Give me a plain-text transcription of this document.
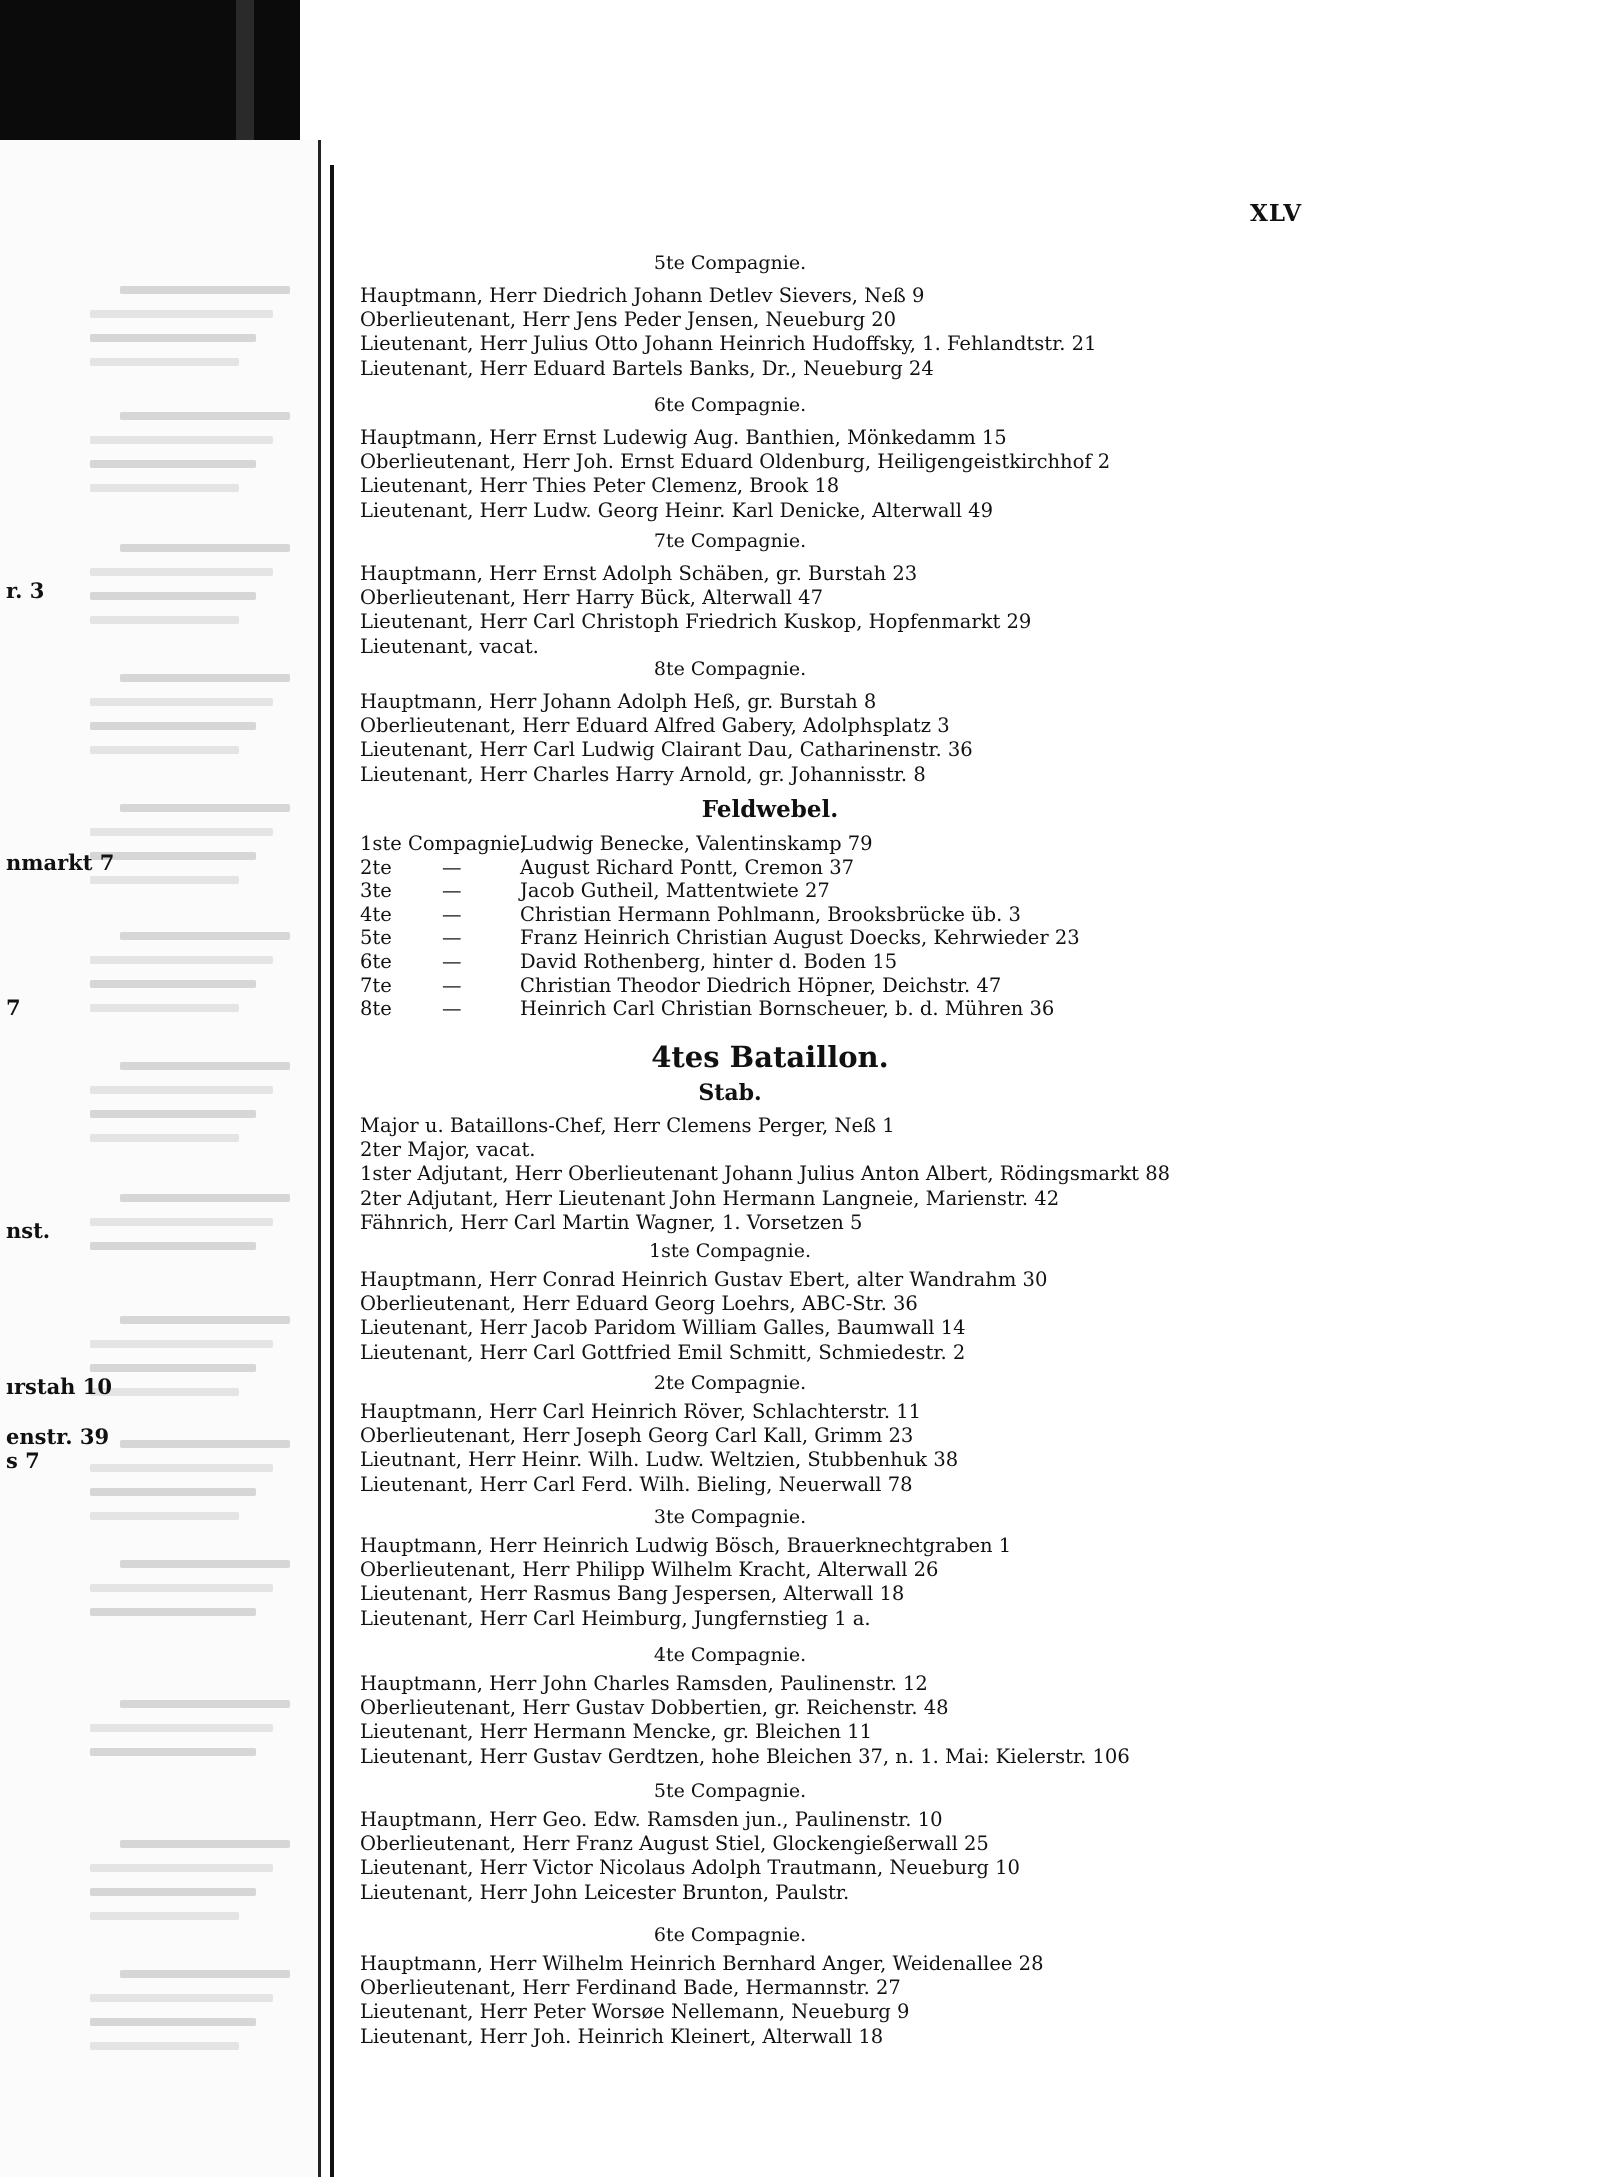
r. 3
nmarkt 7
7
nst.
ırstah 10
enstr. 39
s 7
XLV
Feldwebel.
4tes Bataillon.
Stab.
5te Compagnie.
Hauptmann, Herr Diedrich Johann Detlev Sievers, Neß 9
Oberlieutenant, Herr Jens Peder Jensen, Neueburg 20
Lieutenant, Herr Julius Otto Johann Heinrich Hudoffsky, 1. Fehlandtstr. 21
Lieutenant, Herr Eduard Bartels Banks, Dr., Neueburg 24
6te Compagnie.
Hauptmann, Herr Ernst Ludewig Aug. Banthien, Mönkedamm 15
Oberlieutenant, Herr Joh. Ernst Eduard Oldenburg, Heiligengeistkirchhof 2
Lieutenant, Herr Thies Peter Clemenz, Brook 18
Lieutenant, Herr Ludw. Georg Heinr. Karl Denicke, Alterwall 49
7te Compagnie.
Hauptmann, Herr Ernst Adolph Schäben, gr. Burstah 23
Oberlieutenant, Herr Harry Bück, Alterwall 47
Lieutenant, Herr Carl Christoph Friedrich Kuskop, Hopfenmarkt 29
Lieutenant, vacat.
8te Compagnie.
Hauptmann, Herr Johann Adolph Heß, gr. Burstah 8
Oberlieutenant, Herr Eduard Alfred Gabery, Adolphsplatz 3
Lieutenant, Herr Carl Ludwig Clairant Dau, Catharinenstr. 36
Lieutenant, Herr Charles Harry Arnold, gr. Johannisstr. 8
1ste Compagnie,Ludwig Benecke, Valentinskamp 79
2te	—	August Richard Pontt, Cremon 37
3te	—	Jacob Gutheil, Mattentwiete 27
4te	—	Christian Hermann Pohlmann, Brooksbrücke üb. 3
5te	—	Franz Heinrich Christian August Doecks, Kehrwieder 23
6te	—	David Rothenberg, hinter d. Boden 15
7te	—	Christian Theodor Diedrich Höpner, Deichstr. 47
8te	—	Heinrich Carl Christian Bornscheuer, b. d. Mühren 36
Major u. Bataillons-Chef, Herr Clemens Perger, Neß 1
2ter Major, vacat.
1ster Adjutant, Herr Oberlieutenant Johann Julius Anton Albert, Rödingsmarkt 88
2ter Adjutant, Herr Lieutenant John Hermann Langneie, Marienstr. 42
Fähnrich, Herr Carl Martin Wagner, 1. Vorsetzen 5
1ste Compagnie.
Hauptmann, Herr Conrad Heinrich Gustav Ebert, alter Wandrahm 30
Oberlieutenant, Herr Eduard Georg Loehrs, ABC-Str. 36
Lieutenant, Herr Jacob Paridom William Galles, Baumwall 14
Lieutenant, Herr Carl Gottfried Emil Schmitt, Schmiedestr. 2
2te Compagnie.
Hauptmann, Herr Carl Heinrich Röver, Schlachterstr. 11
Oberlieutenant, Herr Joseph Georg Carl Kall, Grimm 23
Lieutnant, Herr Heinr. Wilh. Ludw. Weltzien, Stubbenhuk 38
Lieutenant, Herr Carl Ferd. Wilh. Bieling, Neuerwall 78
3te Compagnie.
Hauptmann, Herr Heinrich Ludwig Bösch, Brauerknechtgraben 1
Oberlieutenant, Herr Philipp Wilhelm Kracht, Alterwall 26
Lieutenant, Herr Rasmus Bang Jespersen, Alterwall 18
Lieutenant, Herr Carl Heimburg, Jungfernstieg 1 a.
4te Compagnie.
Hauptmann, Herr John Charles Ramsden, Paulinenstr. 12
Oberlieutenant, Herr Gustav Dobbertien, gr. Reichenstr. 48
Lieutenant, Herr Hermann Mencke, gr. Bleichen 11
Lieutenant, Herr Gustav Gerdtzen, hohe Bleichen 37, n. 1. Mai: Kielerstr. 106
5te Compagnie.
Hauptmann, Herr Geo. Edw. Ramsden jun., Paulinenstr. 10
Oberlieutenant, Herr Franz August Stiel, Glockengießerwall 25
Lieutenant, Herr Victor Nicolaus Adolph Trautmann, Neueburg 10
Lieutenant, Herr John Leicester Brunton, Paulstr.
6te Compagnie.
Hauptmann, Herr Wilhelm Heinrich Bernhard Anger, Weidenallee 28
Oberlieutenant, Herr Ferdinand Bade, Hermannstr. 27
Lieutenant, Herr Peter Worsøe Nellemann, Neueburg 9
Lieutenant, Herr Joh. Heinrich Kleinert, Alterwall 18
